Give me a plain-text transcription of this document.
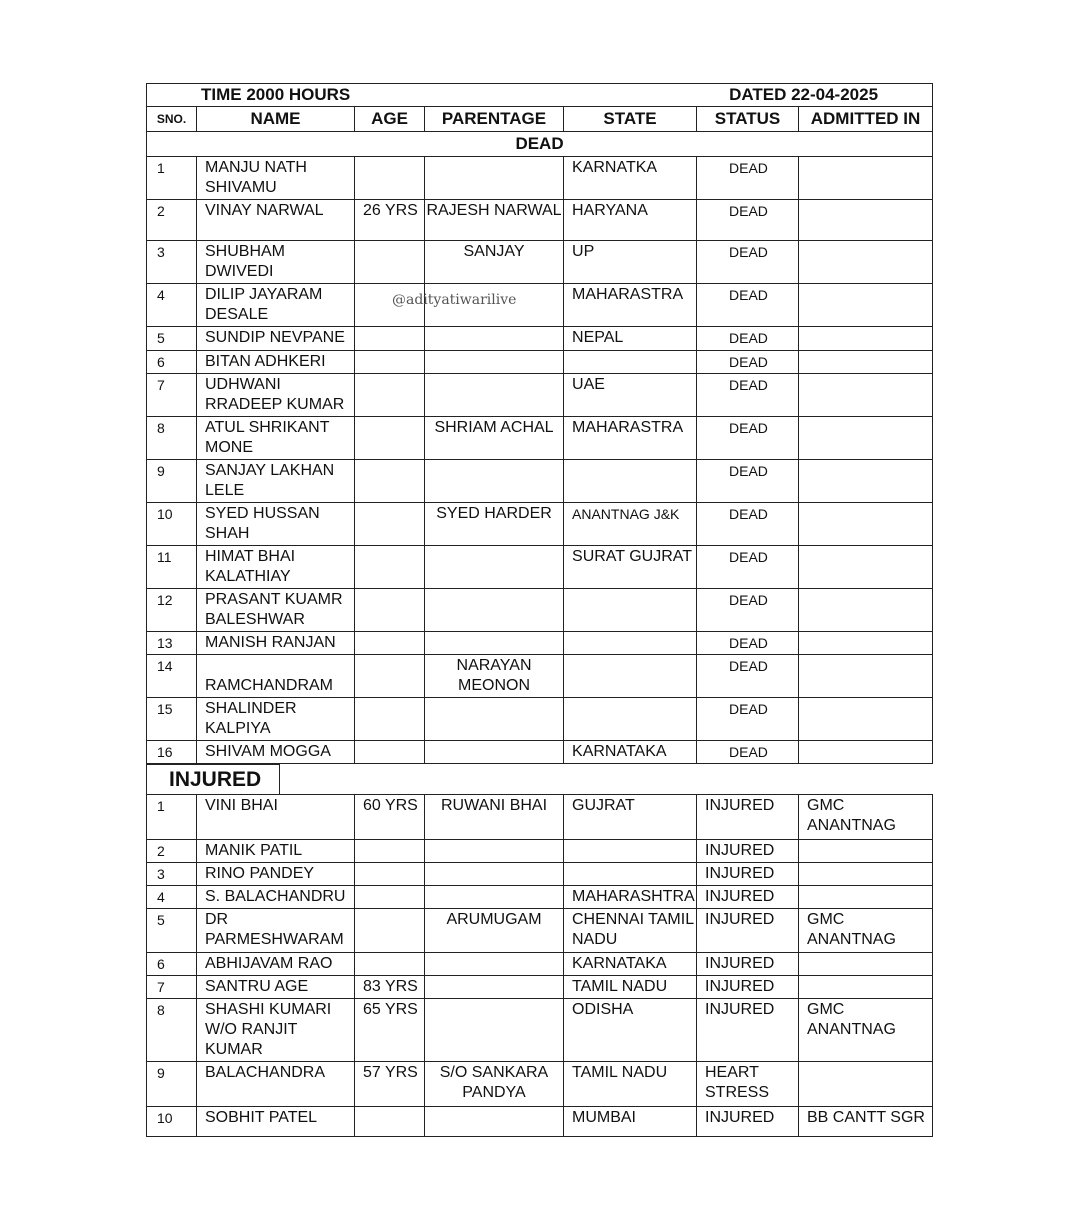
TIME 2000 HOURS				DATED 22-04-2025		
SNO.	NAME	AGE	PARENTAGE	STATE	STATUS	ADMITTED IN
DEAD						
1	MANJU NATH SHIVAMU			KARNATKA	DEAD	
2	VINAY NARWAL	26 YRS	RAJESH NARWAL	HARYANA	DEAD	
3	SHUBHAM DWIVEDI		SANJAY	UP	DEAD	
4	DILIP JAYARAM DESALE			MAHARASTRA	DEAD	
5	SUNDIP NEVPANE			NEPAL	DEAD	
6	BITAN ADHKERI				DEAD	
7	UDHWANI RRADEEP KUMAR			UAE	DEAD	
8	ATUL SHRIKANT MONE		SHRIAM ACHAL	MAHARASTRA	DEAD	
9	SANJAY LAKHAN LELE				DEAD	
10	SYED HUSSAN SHAH		SYED HARDER	ANANTNAG J&K	DEAD	
11	HIMAT BHAI KALATHIAY			SURAT GUJRAT	DEAD	
12	PRASANT KUAMR BALESHWAR				DEAD	
13	MANISH RANJAN				DEAD	
14	RAMCHANDRAM		NARAYAN MEONON		DEAD	
15	SHALINDER KALPIYA				DEAD	
16	SHIVAM MOGGA			KARNATAKA	DEAD	
INJURED
1	VINI BHAI	60 YRS	RUWANI BHAI	GUJRAT	INJURED	GMC ANANTNAG
2	MANIK PATIL				INJURED	
3	RINO PANDEY				INJURED	
4	S. BALACHANDRU			MAHARASHTRA	INJURED	
5	DR PARMESHWARAM		ARUMUGAM	CHENNAI TAMIL NADU	INJURED	GMC ANANTNAG
6	ABHIJAVAM RAO			KARNATAKA	INJURED	
7	SANTRU AGE	83 YRS		TAMIL NADU	INJURED	
8	SHASHI KUMARI W/O RANJIT KUMAR	65 YRS		ODISHA	INJURED	GMC ANANTNAG
9	BALACHANDRA	57 YRS	S/O SANKARA PANDYA	TAMIL NADU	HEART STRESS	
10	SOBHIT PATEL			MUMBAI	INJURED	BB CANTT SGR
@adityatiwarilive
